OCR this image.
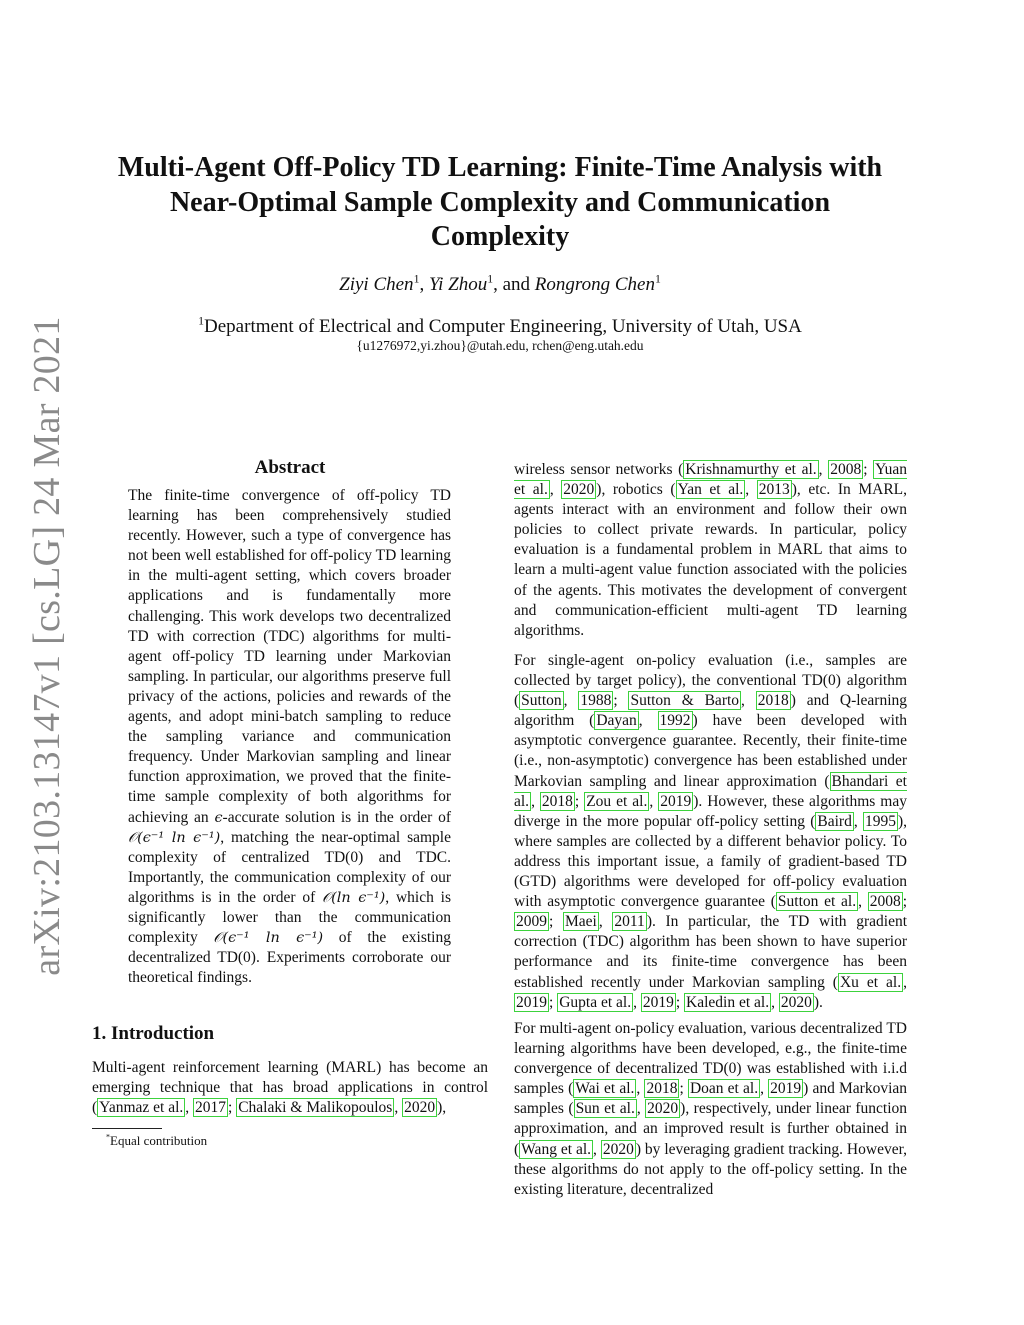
arXiv:2103.13147v1 [cs.LG] 24 Mar 2021
Multi-Agent Off-Policy TD Learning: Finite-Time Analysis with Near-Optimal Sample Complexity and Communication Complexity
Ziyi Chen$^1$, Yi Zhou$^1$, and Rongrong Chen$^1$
$^1$Department of Electrical and Computer Engineering, University of Utah, USA
{u1276972,yi.zhou}@utah.edu, rchen@eng.utah.edu
Abstract
The finite-time convergence of off-policy TD learning has been comprehensively studied recently. However, such a type of convergence has not been well established for off-policy TD learning in the multi-agent setting, which covers broader applications and is fundamentally more challenging. This work develops two decentralized TD with correction (TDC) algorithms for multi-agent off-policy TD learning under Markovian sampling. In particular, our algorithms preserve full privacy of the actions, policies and rewards of the agents, and adopt mini-batch sampling to reduce the sampling variance and communication frequency. Under Markovian sampling and linear function approximation, we proved that the finite-time sample complexity of both algorithms for achieving an ϵ-accurate solution is in the order of 𝒪(ϵ⁻¹ ln ϵ⁻¹), matching the near-optimal sample complexity of centralized TD(0) and TDC. Importantly, the communication complexity of our algorithms is in the order of 𝒪(ln ϵ⁻¹), which is significantly lower than the communication complexity 𝒪(ϵ⁻¹ ln ϵ⁻¹) of the existing decentralized TD(0). Experiments corroborate our theoretical findings.
1. Introduction
Multi-agent reinforcement learning (MARL) has become an emerging technique that has broad applications in control ( Yanmaz et al. , 2017 ; Chalaki & Malikopoulos , 2020 ),
*Equal contribution
wireless sensor networks ( Krishnamurthy et al. , 2008 ; Yuan et al. , 2020 ), robotics ( Yan et al. , 2013 ), etc. In MARL, agents interact with an environment and follow their own policies to collect private rewards. In particular, policy evaluation is a fundamental problem in MARL that aims to learn a multi-agent value function associated with the policies of the agents. This motivates the development of convergent and communication-efficient multi-agent TD learning algorithms.
For single-agent on-policy evaluation (i.e., samples are collected by target policy), the conventional TD(0) algorithm ( Sutton , 1988 ; Sutton & Barto , 2018 ) and Q-learning algorithm ( Dayan , 1992 ) have been developed with asymptotic convergence guarantee. Recently, their finite-time (i.e., non-asymptotic) convergence has been established under Markovian sampling and linear approximation ( Bhandari et al. , 2018 ; Zou et al. , 2019 ). However, these algorithms may diverge in the more popular off-policy setting ( Baird , 1995 ), where samples are collected by a different behavior policy. To address this important issue, a family of gradient-based TD (GTD) algorithms were developed for off-policy evaluation with asymptotic convergence guarantee ( Sutton et al. , 2008 ; 2009 ; Maei , 2011 ). In particular, the TD with gradient correction (TDC) algorithm has been shown to have superior performance and its finite-time convergence has been established recently under Markovian sampling ( Xu et al. , 2019 ; Gupta et al. , 2019 ; Kaledin et al. , 2020 ).
For multi-agent on-policy evaluation, various decentralized TD learning algorithms have been developed, e.g., the finite-time convergence of decentralized TD(0) was established with i.i.d samples ( Wai et al. , 2018 ; Doan et al. , 2019 ) and Markovian samples ( Sun et al. , 2020 ), respectively, under linear function approximation, and an improved result is further obtained in ( Wang et al. , 2020 ) by leveraging gradient tracking. However, these algorithms do not apply to the off-policy setting. In the existing literature, decentralized
